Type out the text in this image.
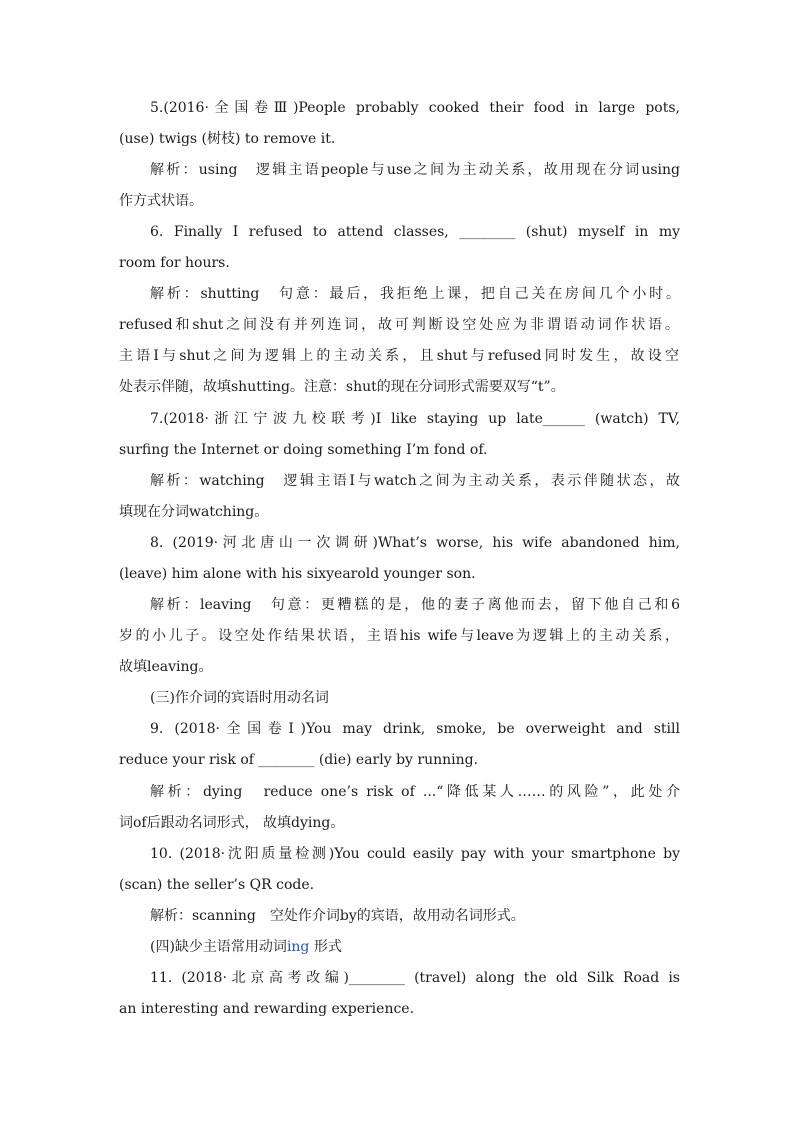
5.(2016·全国卷Ⅲ)People probably cooked their food in large pots,
(use) twigs (树枝) to remove it.
解析：using　逻辑主语people与use之间为主动关系，故用现在分词using
作方式状语。
6. Finally I refused to attend classes, ________ (shut) myself in my
room for hours.
解析：shutting　句意：最后，我拒绝上课，把自己关在房间几个小时。
refused和shut之间没有并列连词，故可判断设空处应为非谓语动词作状语。
主语I与shut之间为逻辑上的主动关系，且shut与refused同时发生，故设空
处表示伴随，故填shutting。注意：shut的现在分词形式需要双写“t”。
7.(2018·浙江宁波九校联考)I like staying up late______ (watch) TV,
surfing the Internet or doing something I’m fond of.
解析：watching　逻辑主语I与watch之间为主动关系，表示伴随状态，故
填现在分词watching。
8. (2019·河北唐山一次调研)What’s worse, his wife abandoned him,
(leave) him alone with his sixyearold younger son.
解析：leaving　句意：更糟糕的是，他的妻子离他而去，留下他自己和6
岁的小儿子。设空处作结果状语，主语his wife与leave为逻辑上的主动关系，
故填leaving。
(三)作介词的宾语时用动名词
9. (2018·全国卷Ⅰ)You may drink, smoke, be overweight and still
reduce your risk of ________ (die) early by running.
解析：dying　reduce one’s risk of ...“降低某人……的风险”，此处介
词of后跟动名词形式， 故填dying。
10. (2018·沈阳质量检测)You could easily pay with your smartphone by
(scan) the seller’s QR code.
解析：scanning　空处作介词by的宾语，故用动名词形式。
(四)缺少主语常用动词ing 形式
11. (2018·北京高考改编)________ (travel) along the old Silk Road is
an interesting and rewarding experience.
